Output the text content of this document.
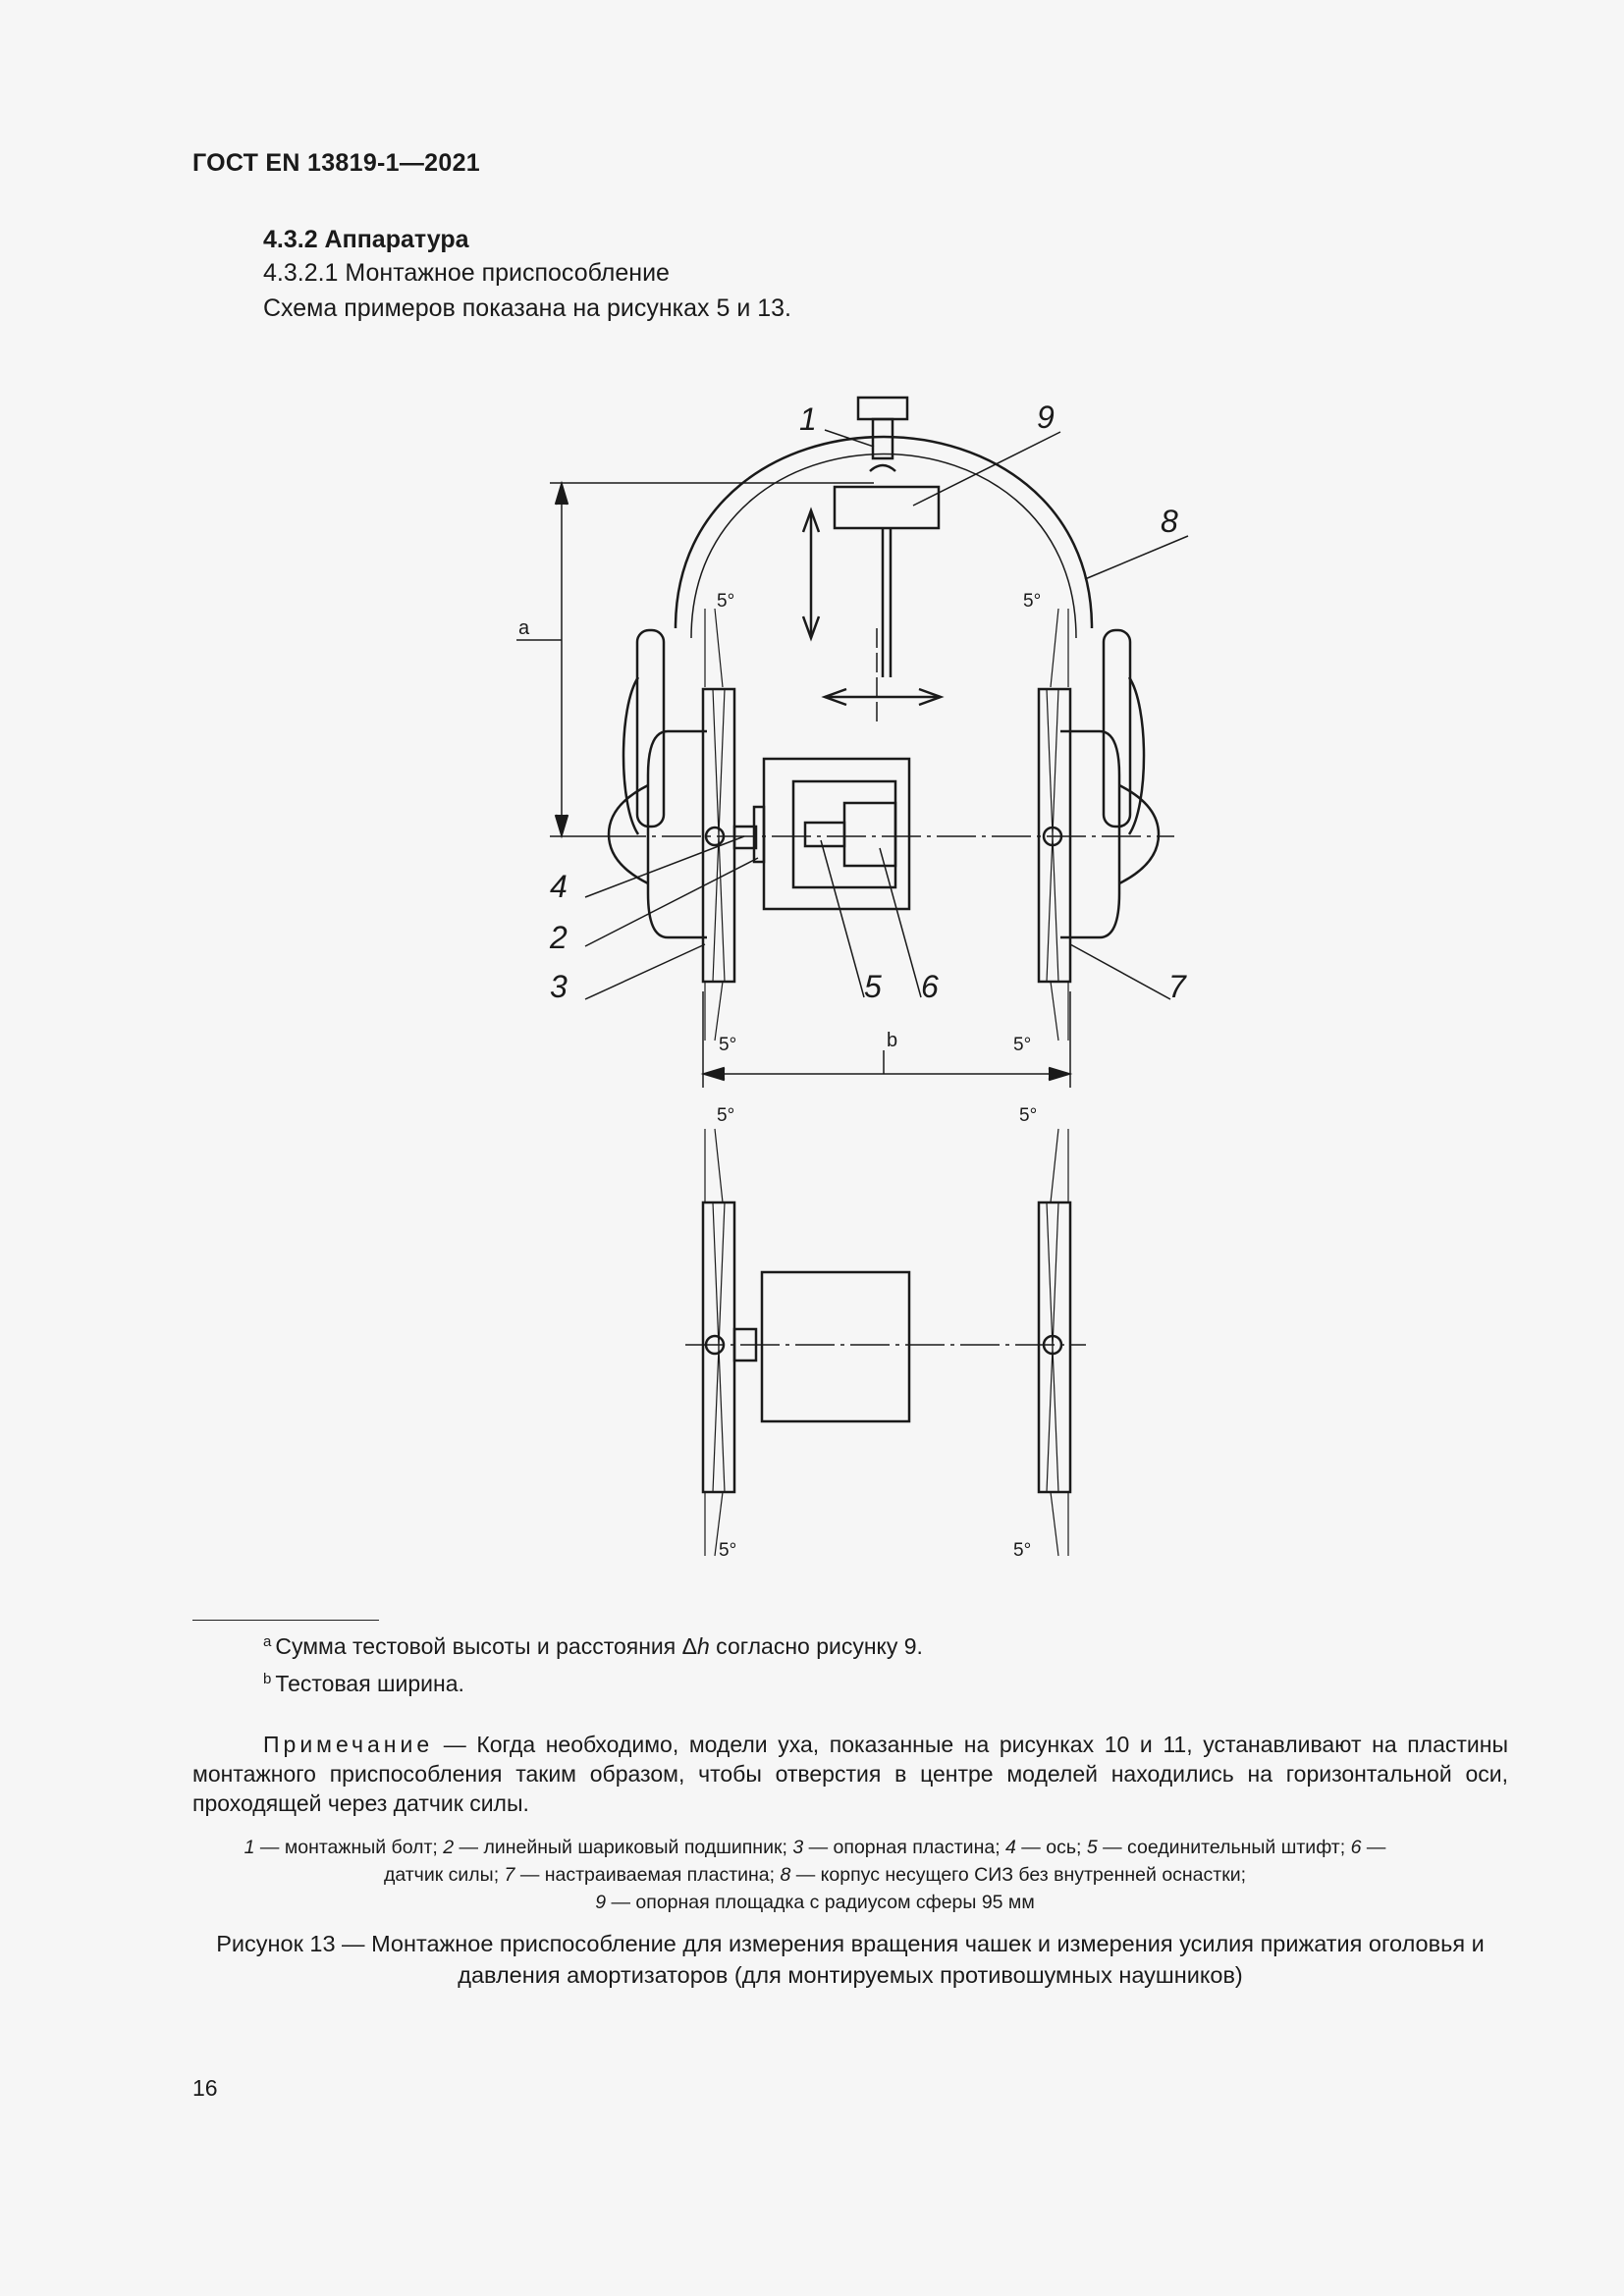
ГОСТ EN 13819-1—2021
4.3.2 Аппаратура
4.3.2.1 Монтажное приспособление
Схема примеров показана на рисунках 5 и 13.
1
2
3
4
5 6	7
8
9
a
b
5°	5°
5°	5°
5°	5°
5°	5°
$^a$ Сумма тестовой высоты и расстояния Δh согласно рисунку 9.
$^b$ Тестовая ширина.
Примечание — Когда необходимо, модели уха, показанные на рисунках 10 и 11, устанавливают на пластины монтажного приспособления таким образом, чтобы отверстия в центре моделей находились на горизонтальной оси, проходящей через датчик силы.
1 — монтажный болт; 2 — линейный шариковый подшипник; 3 — опорная пластина; 4 — ось; 5 — соединительный штифт; 6 — датчик силы; 7 — настраиваемая пластина; 8 — корпус несущего СИЗ без внутренней оснастки;
9 — опорная площадка с радиусом сферы 95 мм
Рисунок 13 — Монтажное приспособление для измерения вращения чашек и измерения усилия прижатия оголовья и давления амортизаторов (для монтируемых противошумных наушников)
16
